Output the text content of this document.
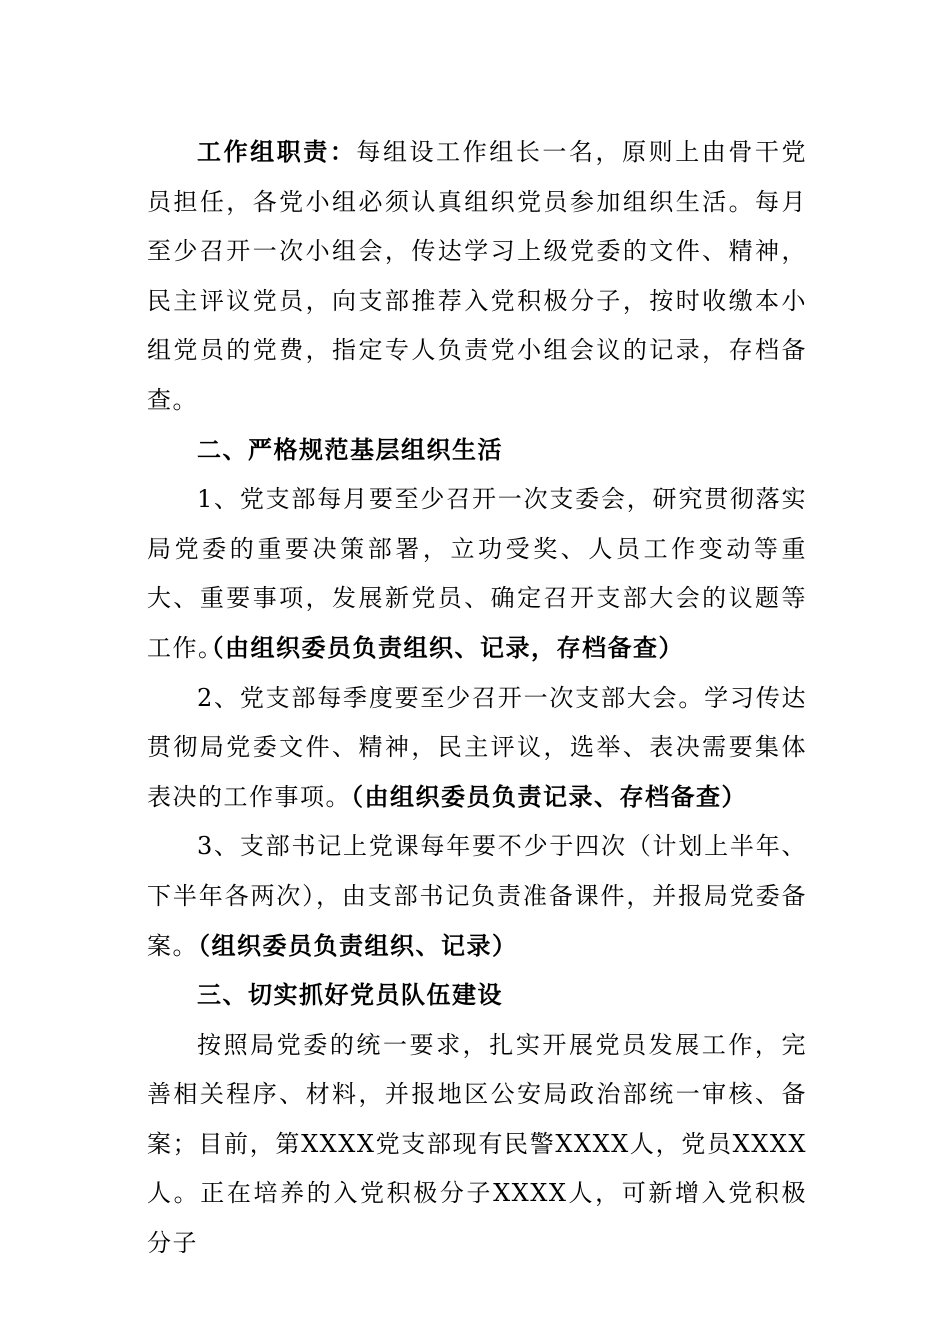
工作组职责：每组设工作组长一名，原则上由骨干党员担任，各党小组必须认真组织党员参加组织生活。每月至少召开一次小组会，传达学习上级党委的文件、精神，民主评议党员，向支部推荐入党积极分子，按时收缴本小组党员的党费，指定专人负责党小组会议的记录，存档备查。

二、严格规范基层组织生活

1、党支部每月要至少召开一次支委会，研究贯彻落实局党委的重要决策部署，立功受奖、人员工作变动等重大、重要事项，发展新党员、确定召开支部大会的议题等工作。（由组织委员负责组织、记录，存档备查）

2、党支部每季度要至少召开一次支部大会。学习传达贯彻局党委文件、精神，民主评议，选举、表决需要集体表决的工作事项。（由组织委员负责记录、存档备查）

3、支部书记上党课每年要不少于四次（计划上半年、下半年各两次），由支部书记负责准备课件，并报局党委备案。（组织委员负责组织、记录）

三、切实抓好党员队伍建设

按照局党委的统一要求，扎实开展党员发展工作，完善相关程序、材料，并报地区公安局政治部统一审核、备案；目前，第XXXX党支部现有民警XXXX人，党员XXXX人。正在培养的入党积极分子XXXX人，可新增入党积极分子
